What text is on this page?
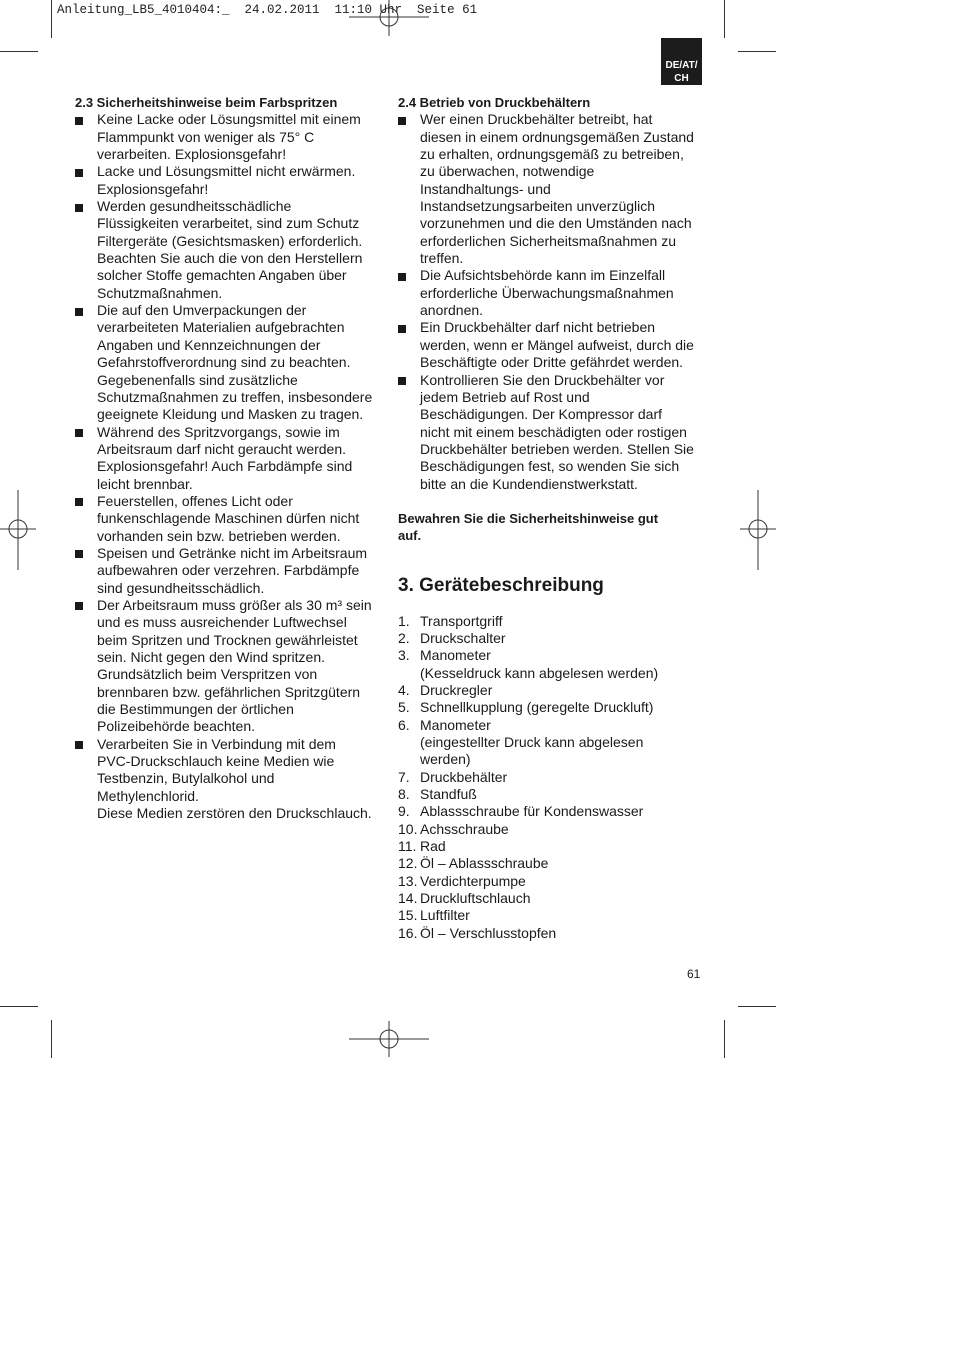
Anleitung_LB5_4010404:_  24.02.2011  11:10 Uhr  Seite 61
DE/AT/
CH
2.3 Sicherheitshinweise beim Farbspritzen
Keine Lacke oder Lösungsmittel mit einem
Flammpunkt von weniger als 75° C
verarbeiten. Explosionsgefahr!
Lacke und Lösungsmittel nicht erwärmen.
Explosionsgefahr!
Werden gesundheitsschädliche
Flüssigkeiten verarbeitet, sind zum Schutz
Filtergeräte (Gesichtsmasken) erforderlich.
Beachten Sie auch die von den Herstellern
solcher Stoffe gemachten Angaben über
Schutzmaßnahmen.
Die auf den Umverpackungen der
verarbeiteten Materialien aufgebrachten
Angaben und Kennzeichnungen der
Gefahrstoffverordnung sind zu beachten.
Gegebenenfalls sind zusätzliche
Schutzmaßnahmen zu treffen, insbesondere
geeignete Kleidung und Masken zu tragen.
Während des Spritzvorgangs, sowie im
Arbeitsraum darf nicht geraucht werden.
Explosionsgefahr! Auch Farbdämpfe sind
leicht brennbar.
Feuerstellen, offenes Licht oder
funkenschlagende Maschinen dürfen nicht
vorhanden sein bzw. betrieben werden.
Speisen und Getränke nicht im Arbeitsraum
aufbewahren oder verzehren. Farbdämpfe
sind gesundheitsschädlich.
Der Arbeitsraum muss größer als 30 m³ sein
und es muss ausreichender Luftwechsel
beim Spritzen und Trocknen gewährleistet
sein. Nicht gegen den Wind spritzen.
Grundsätzlich beim Verspritzen von
brennbaren bzw. gefährlichen Spritzgütern
die Bestimmungen der örtlichen
Polizeibehörde beachten.
Verarbeiten Sie in Verbindung mit dem
PVC-Druckschlauch keine Medien wie
Testbenzin, Butylalkohol und
Methylenchlorid.
Diese Medien zerstören den Druckschlauch.
2.4 Betrieb von Druckbehältern
Wer einen Druckbehälter betreibt, hat
diesen in einem ordnungsgemäßen Zustand
zu erhalten, ordnungsgemäß zu betreiben,
zu überwachen, notwendige
Instandhaltungs- und
Instandsetzungsarbeiten unverzüglich
vorzunehmen und die den Umständen nach
erforderlichen Sicherheitsmaßnahmen zu
treffen.
Die Aufsichtsbehörde kann im Einzelfall
erforderliche Überwachungsmaßnahmen
anordnen.
Ein Druckbehälter darf nicht betrieben
werden, wenn er Mängel aufweist, durch die
Beschäftigte oder Dritte gefährdet werden.
Kontrollieren Sie den Druckbehälter vor
jedem Betrieb auf Rost und
Beschädigungen. Der Kompressor darf
nicht mit einem beschädigten oder rostigen
Druckbehälter betrieben werden. Stellen Sie
Beschädigungen fest, so wenden Sie sich
bitte an die Kundendienstwerkstatt.
Bewahren Sie die Sicherheitshinweise gut
auf.
3. Gerätebeschreibung
1. Transportgriff
2. Druckschalter
3. Manometer
(Kesseldruck kann abgelesen werden)
4. Druckregler
5. Schnellkupplung (geregelte Druckluft)
6. Manometer
(eingestellter Druck kann abgelesen
werden)
7. Druckbehälter
8. Standfuß
9. Ablassschraube für Kondenswasser
10. Achsschraube
11. Rad
12. Öl – Ablassschraube
13. Verdichterpumpe
14. Druckluftschlauch
15. Luftfilter
16. Öl – Verschlusstopfen
61
